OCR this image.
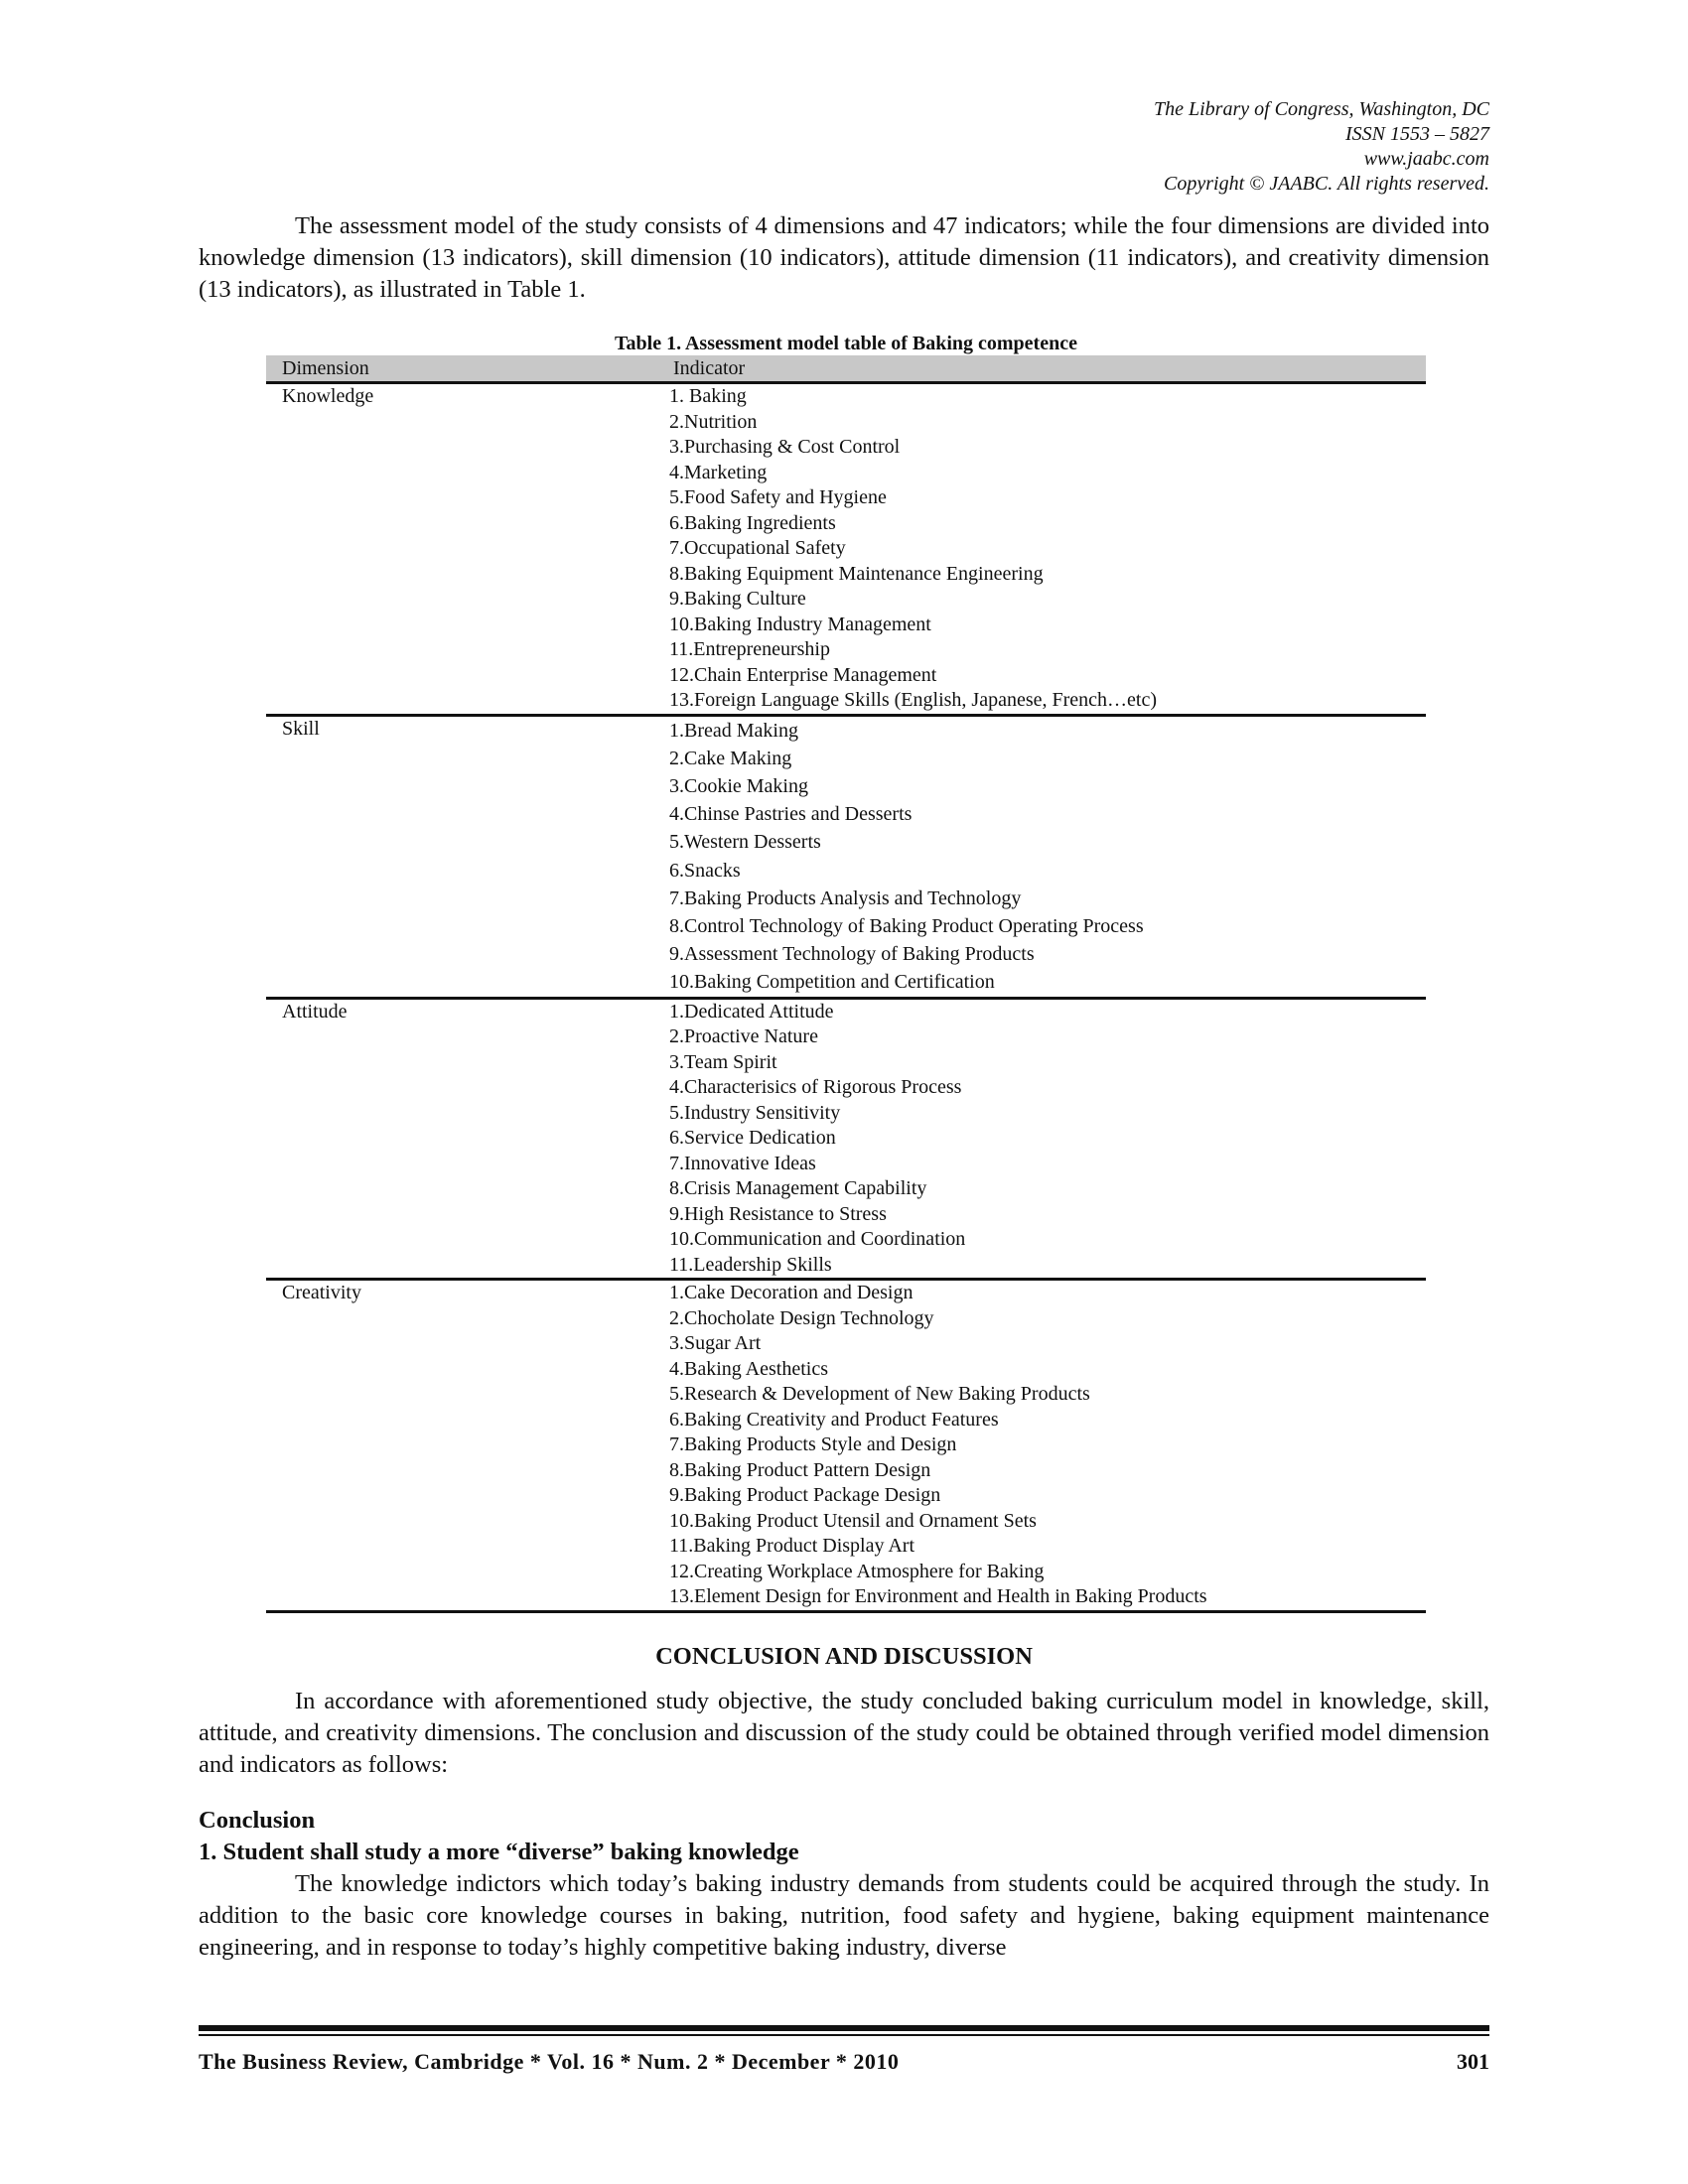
The Library of Congress, Washington, DC
ISSN 1553 – 5827
www.jaabc.com
Copyright © JAABC. All rights reserved.

The assessment model of the study consists of 4 dimensions and 47 indicators; while the four dimensions are divided into knowledge dimension (13 indicators), skill dimension (10 indicators), attitude dimension (11 indicators), and creativity dimension (13 indicators), as illustrated in Table 1.

Table 1. Assessment model table of Baking competence
Dimension	Indicator
Knowledge	1. Baking
2.Nutrition
3.Purchasing & Cost Control
4.Marketing
5.Food Safety and Hygiene
6.Baking Ingredients
7.Occupational Safety
8.Baking Equipment Maintenance Engineering
9.Baking Culture
10.Baking Industry Management
11.Entrepreneurship
12.Chain Enterprise Management
13.Foreign Language Skills (English, Japanese, French…etc)
Skill	1.Bread Making
2.Cake Making
3.Cookie Making
4.Chinse Pastries and Desserts
5.Western Desserts
6.Snacks
7.Baking Products Analysis and Technology
8.Control Technology of Baking Product Operating Process
9.Assessment Technology of Baking Products
10.Baking Competition and Certification
Attitude	1.Dedicated Attitude
2.Proactive Nature
3.Team Spirit
4.Characterisics of Rigorous Process
5.Industry Sensitivity
6.Service Dedication
7.Innovative Ideas
8.Crisis Management Capability
9.High Resistance to Stress
10.Communication and Coordination
11.Leadership Skills
Creativity	1.Cake Decoration and Design
2.Chocholate Design Technology
3.Sugar Art
4.Baking Aesthetics
5.Research & Development of New Baking Products
6.Baking Creativity and Product Features
7.Baking Products Style and Design
8.Baking Product Pattern Design
9.Baking Product Package Design
10.Baking Product Utensil and Ornament Sets
11.Baking Product Display Art
12.Creating Workplace Atmosphere for Baking
13.Element Design for Environment and Health in Baking Products
CONCLUSION AND DISCUSSION

In accordance with aforementioned study objective, the study concluded baking curriculum model in knowledge, skill, attitude, and creativity dimensions. The conclusion and discussion of the study could be obtained through verified model dimension and indicators as follows:

Conclusion
1. Student shall study a more “diverse” baking knowledge

The knowledge indictors which today’s baking industry demands from students could be acquired through the study. In addition to the basic core knowledge courses in baking, nutrition, food safety and hygiene, baking equipment maintenance engineering, and in response to today’s highly competitive baking industry, diverse

The Business Review, Cambridge * Vol. 16 * Num. 2 * December * 2010	301
